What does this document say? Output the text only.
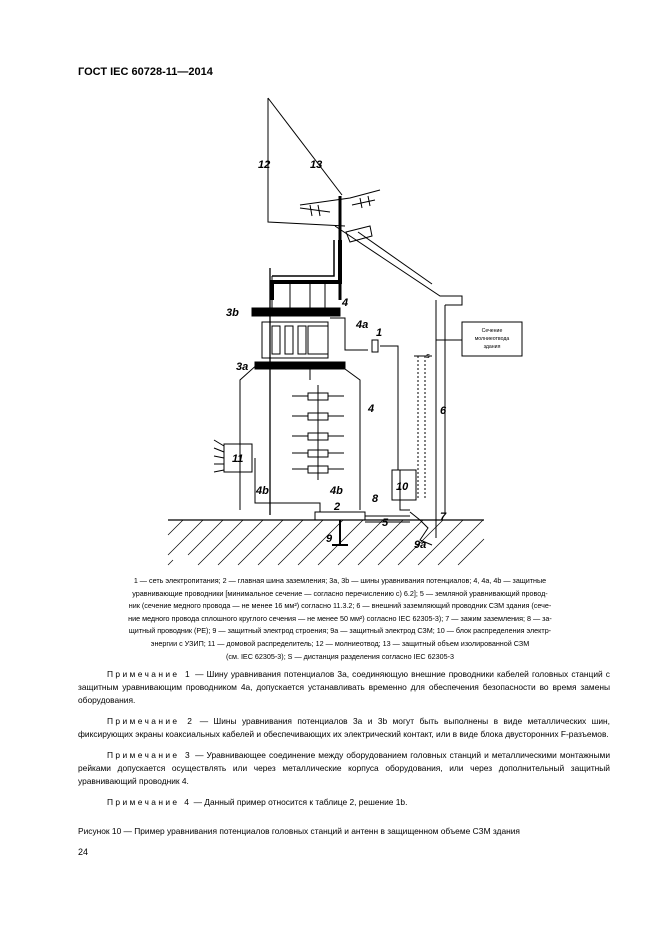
ГОСТ IEC 60728-11—2014
12	13
3b
3a
4
4a
1
4
11
4b	4b	10
8
6
s
2
5	7
9	9a
Сечение
молниеотвода
здания

1 — сеть электропитания; 2 — главная шина заземления; 3a, 3b — шины уравнивания потенциалов; 4, 4a, 4b — защитные

уравнивающие проводники [минимальное сечение — согласно перечислению c) 6.2]; 5 — земляной уравнивающий провод-

ник (сечение медного провода — не менее 16 мм²) согласно 11.3.2; 6 — внешний заземляющий проводник СЗМ здания (сече-

ние медного провода сплошного круглого сечения — не менее 50 мм²) согласно IEC 62305-3); 7 — зажим заземления; 8 — за-

щитный проводник (PE); 9 — защитный электрод строения; 9a — защитный электрод СЗМ; 10 — блок распределения электр-

энергии с УЗИП; 11 — домовой распределитель; 12 — молниеотвод; 13 — защитный объем изолированной СЗМ

(см. IEC 62305-3); S — дистанция разделения согласно IEC 62305-3

Примечание 1 — Шину уравнивания потенциалов 3a, соединяющую внешние проводники кабелей головных станций с защитным уравнивающим проводником 4a, допускается устанавливать временно для обеспечения безопасности во время замены оборудования.

Примечание 2 — Шины уравнивания потенциалов 3a и 3b могут быть выполнены в виде металлических шин, фиксирующих экраны коаксиальных кабелей и обеспечивающих их электрический контакт, или в виде блока двусторонних F-разъемов.

Примечание 3 — Уравнивающее соединение между оборудованием головных станций и металлическими монтажными рейками допускается осуществлять или через металлические корпуса оборудования, или через дополнительный защитный уравнивающий проводник 4.

Примечание 4 — Данный пример относится к таблице 2, решение 1b.

Рисунок 10 — Пример уравнивания потенциалов головных станций и антенн в защищенном объеме СЗМ здания
24
